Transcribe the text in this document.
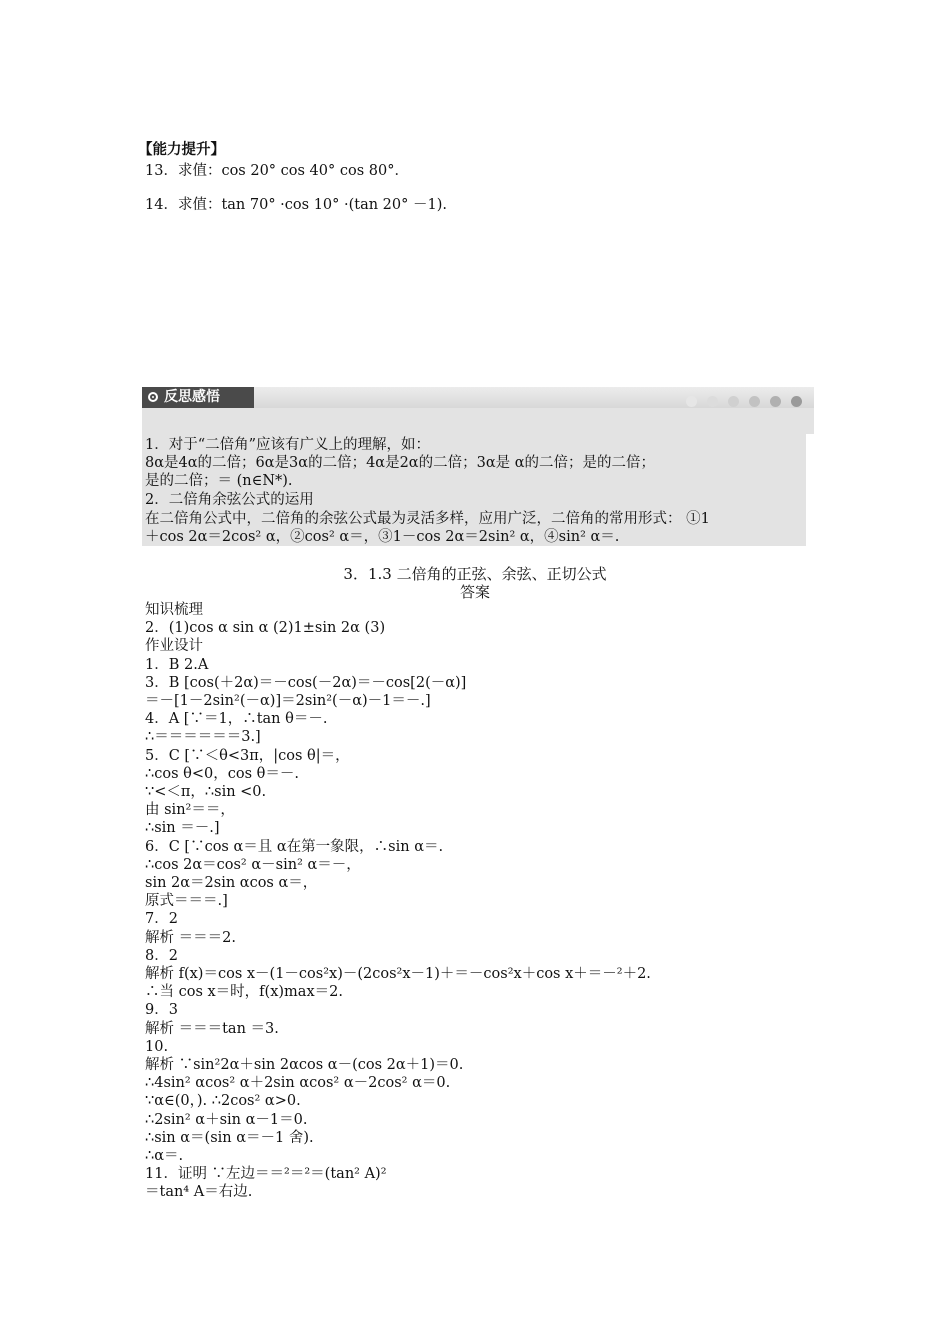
【能力提升】
13．求值：cos 20° cos 40° cos 80°．
14．求值：tan 70° ·cos 10° ·(tan 20° －1).
反思感悟
1．对于“二倍角”应该有广义上的理解，如：
8α是4α的二倍；6α是3α的二倍；4α是2α的二倍；3α是 α的二倍；是的二倍；
是的二倍；＝ (n∈N*).
2．二倍角余弦公式的运用
在二倍角公式中，二倍角的余弦公式最为灵活多样，应用广泛，二倍角的常用形式： ①1
＋cos 2α＝2cos² α，②cos² α＝，③1－cos 2α＝2sin² α，④sin² α＝.
3．1.3 二倍角的正弦、余弦、正切公式
答案
知识梳理
2．(1)cos α sin α (2)1±sin 2α (3)
作业设计
1．B 2.A
3．B [cos(＋2α)＝－cos(－2α)＝－cos[2(－α)]
＝－[1－2sin²(－α)]＝2sin²(－α)－1＝－.]
4．A [∵＝1，∴tan θ＝－.
∴＝＝＝＝＝＝3.]
5．C [∵＜θ<3π，|cos θ|＝，
∴cos θ<0，cos θ＝－.
∵<＜π，∴sin <0.
由 sin²＝＝，
∴sin ＝－.]
6．C [∵cos α＝且 α在第一象限，∴sin α＝.
∴cos 2α＝cos² α－sin² α＝－，
sin 2α＝2sin αcos α＝，
原式＝＝＝.]
7．2
解析 ＝＝＝2.
8．2
解析 f(x)＝cos x－(1－cos²x)－(2cos²x－1)＋＝－cos²x＋cos x＋＝－²＋2.
∴当 cos x＝时，f(x)max＝2.
9．3
解析 ＝＝＝tan ＝3.
10.
解析 ∵sin²2α＋sin 2αcos α－(cos 2α＋1)＝0.
∴4sin² αcos² α＋2sin αcos² α－2cos² α＝0.
∵α∈(0，). ∴2cos² α>0.
∴2sin² α＋sin α－1＝0.
∴sin α＝(sin α＝－1 舍).
∴α＝.
11．证明 ∵左边＝＝²＝²＝(tan² A)²
＝tan⁴ A＝右边.
